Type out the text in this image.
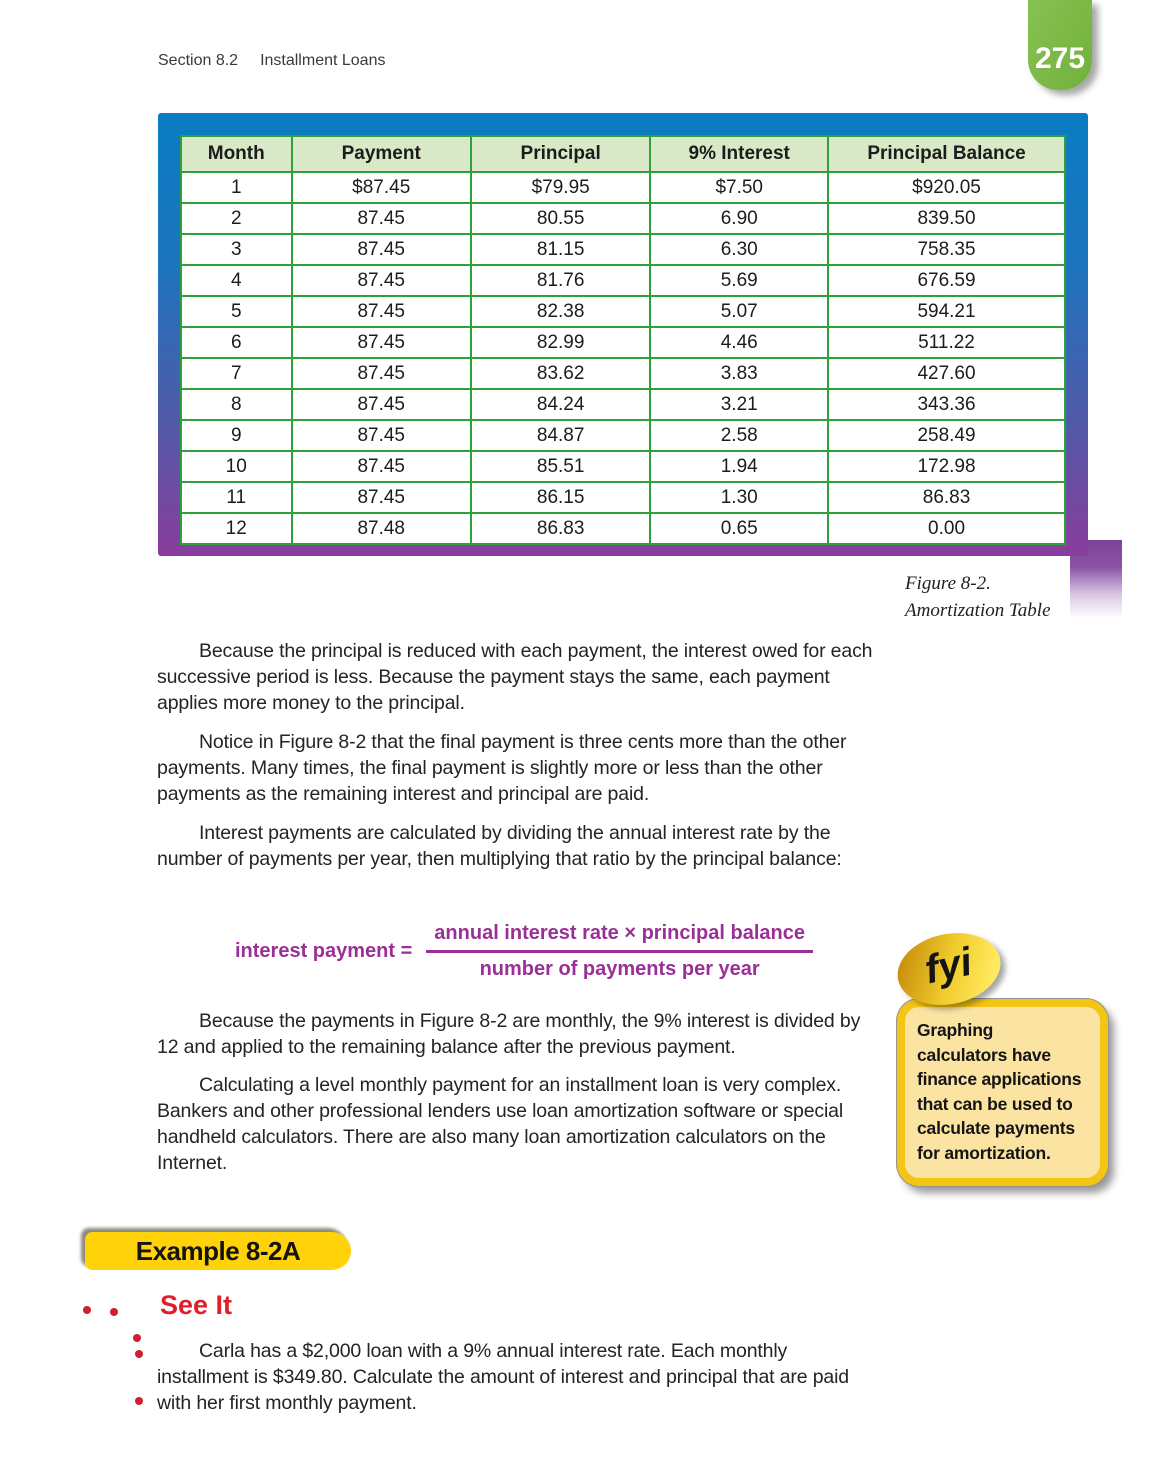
Section 8.2 Installment Loans	275
Month	Payment	Principal	9% Interest	Principal Balance
1	$87.45	$79.95	$7.50	$920.05
2	87.45	80.55	6.90	839.50
3	87.45	81.15	6.30	758.35
4	87.45	81.76	5.69	676.59
5	87.45	82.38	5.07	594.21
6	87.45	82.99	4.46	511.22
7	87.45	83.62	3.83	427.60
8	87.45	84.24	3.21	343.36
9	87.45	84.87	2.58	258.49
10	87.45	85.51	1.94	172.98
11	87.45	86.15	1.30	86.83
12	87.48	86.83	0.65	0.00
Figure 8-2.
Amortization Table

Because the principal is reduced with each payment, the interest owed for each successive period is less. Because the payment stays the same, each payment applies more money to the principal.

Notice in Figure 8-2 that the final payment is three cents more than the other payments. Many times, the final payment is slightly more or less than the other payments as the remaining interest and principal are paid.

Interest payments are calculated by dividing the annual interest rate by the number of payments per year, then multiplying that ratio by the principal balance:

interest payment = $\frac{\text{annual interest rate × principal balance}}{\text{number of payments per year}}$

Because the payments in Figure 8-2 are monthly, the 9% interest is divided by 12 and applied to the remaining balance after the previous payment.

Calculating a level monthly payment for an installment loan is very complex. Bankers and other professional lenders use loan amortization software or special handheld calculators. There are also many loan amortization calculators on the Internet.

fyi

Graphing calculators have finance applications that can be used to calculate payments for amortization.

Example 8-2A
See It

Carla has a $2,000 loan with a 9% annual interest rate. Each monthly installment is $349.80. Calculate the amount of interest and principal that are paid with her first monthly payment.
